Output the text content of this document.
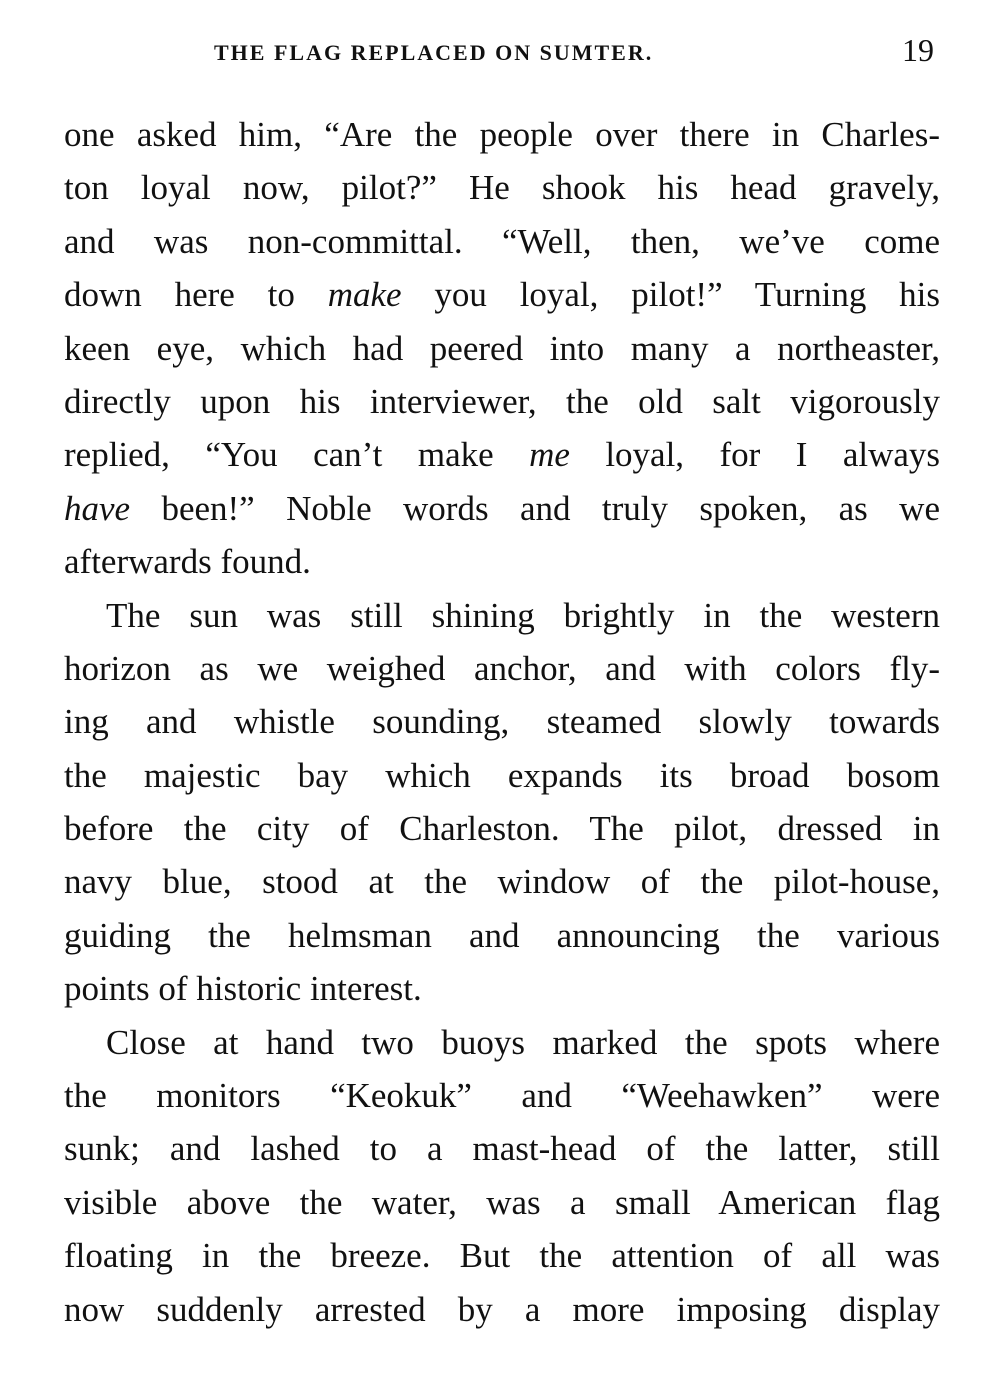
THE FLAG REPLACED ON SUMTER.	19
one asked him, “Are the people over there in Charles-
ton loyal now, pilot?” He shook his head gravely,
and was non-committal. “Well, then, we’ve come
down here to make you loyal, pilot!” Turning his
keen eye, which had peered into many a northeaster,
directly upon his interviewer, the old salt vigorously
replied, “You can’t make me loyal, for I always
have been!” Noble words and truly spoken, as we
afterwards found.
The sun was still shining brightly in the western
horizon as we weighed anchor, and with colors fly-
ing and whistle sounding, steamed slowly towards
the majestic bay which expands its broad bosom
before the city of Charleston. The pilot, dressed in
navy blue, stood at the window of the pilot-house,
guiding the helmsman and announcing the various
points of historic interest.
Close at hand two buoys marked the spots where
the monitors “Keokuk” and “Weehawken” were
sunk; and lashed to a mast-head of the latter, still
visible above the water, was a small American flag
floating in the breeze. But the attention of all was
now suddenly arrested by a more imposing display
